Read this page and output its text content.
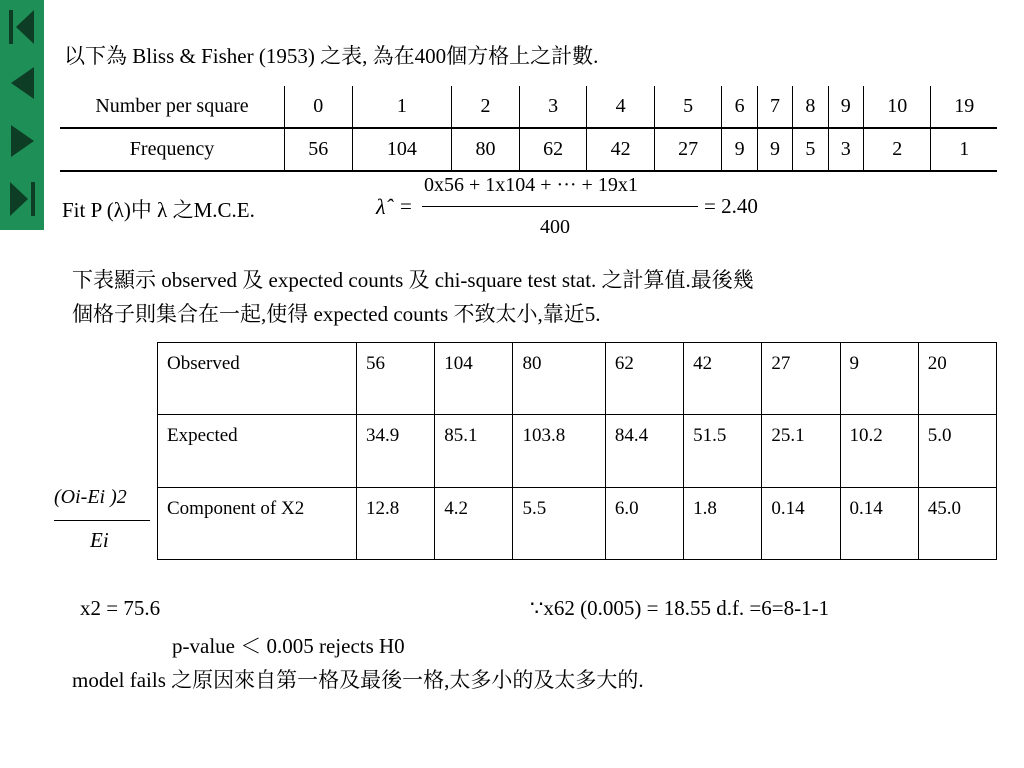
以下為 Bliss & Fisher (1953) 之表, 為在400個方格上之計數.
Number per square	0	1	2	3	4	5	6	7	8	9	10	19
Frequency	56	104	80	62	42	27	9	9	5	3	2	1
Fit P (λ)中 λ 之M.C.E.	λ̂ =
0x56 + 1x104 + ··· + 19x1
400
= 2.40
下表顯示 observed 及 expected counts 及 chi-square test stat. 之計算值.最後幾
個格子則集合在一起,使得 expected counts 不致太小,靠近5.
(Oi-Ei )2
Ei
Observed	56	104	80	62	42	27	9	20
Expected	34.9	85.1	103.8	84.4	51.5	25.1	10.2	5.0
Component of X2	12.8	4.2	5.5	6.0	1.8	0.14	0.14	45.0
x2 = 75.6	∵x62 (0.005) = 18.55 d.f. =6=8-1-1
p-value ＜ 0.005 rejects H0
model fails 之原因來自第一格及最後一格,太多小的及太多大的.
